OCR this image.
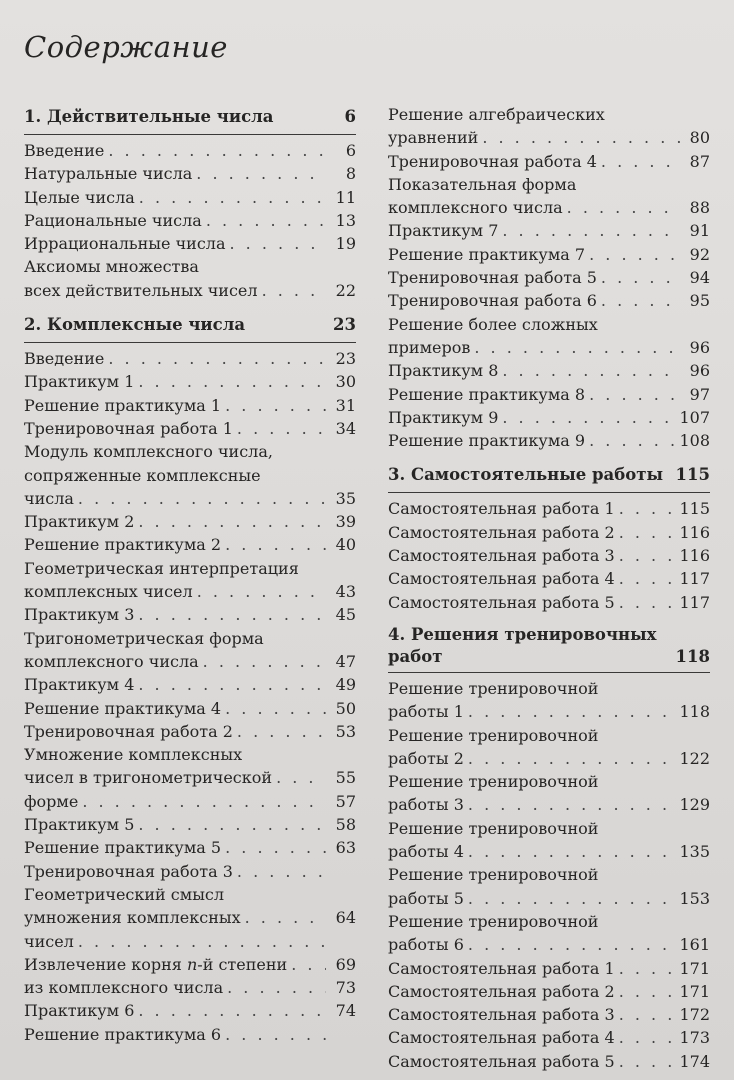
Содержание
1. Действительные числа	6
Введение . . .	6
Натуральные числа . . .	8
Целые числа . . .	11
Рациональные числа . . .	13
Иррациональные числа . . .	19
Аксиомы множества
всех действительных чисел . . .	22
2. Комплексные числа	23
Введение . . .	23
Практикум 1 . . .	30
Решение практикума 1 . . .	31
Тренировочная работа 1 . . .	34
Модуль комплексного числа,
сопряженные комплексные
числа . . .	35
Практикум 2 . . .	39
Решение практикума 2 . . .	40
Геометрическая интерпретация
комплексных чисел . . .	43
Практикум 3 . . .	45
Тригонометрическая форма
комплексного числа . . .	47
Практикум 4 . . .	49
Решение практикума 4 . . .	50
Тренировочная работа 2 . . .	53
Умножение комплексных
чисел в тригонометрической . . .	55
форме . . .	57
Практикум 5 . . .	58
Решение практикума 5 . . .	63
Тренировочная работа 3
. . .
Геометрический смысл
умножения комплексных . . .	64
чисел
. . .
Извлечение корня n-й степени . . .	69
из комплексного числа . . .	73
Практикум 6 . . .	74
Решение практикума 6
. . .
Решение алгебраических
уравнений . . .	80
Тренировочная работа 4 . . .	87
Показательная форма
комплексного числа . . .	88
Практикум 7 . . .	91
Решение практикума 7 . . .	92
Тренировочная работа 5 . . .	94
Тренировочная работа 6 . . .	95
Решение более сложных
примеров . . .	96
Практикум 8 . . .	96
Решение практикума 8 . . .	97
Практикум 9 . . .	107
Решение практикума 9 . . .	108
3. Самостоятельные работы 115
Самостоятельная работа 1 . . .	115
Самостоятельная работа 2 . . .	116
Самостоятельная работа 3 . . .	116
Самостоятельная работа 4 . . .	117
Самостоятельная работа 5 . . .	117
4. Решения тренировочных
работ	118
Решение тренировочной
работы 1 . . .	118
Решение тренировочной
работы 2 . . .	122
Решение тренировочной
работы 3 . . .	129
Решение тренировочной
работы 4 . . .	135
Решение тренировочной
работы 5 . . .	153
Решение тренировочной
работы 6 . . .	161
Самостоятельная работа 1 . . .	171
Самостоятельная работа 2 . . .	171
Самостоятельная работа 3 . . .	172
Самостоятельная работа 4 . . .	173
Самостоятельная работа 5 . . .	174
